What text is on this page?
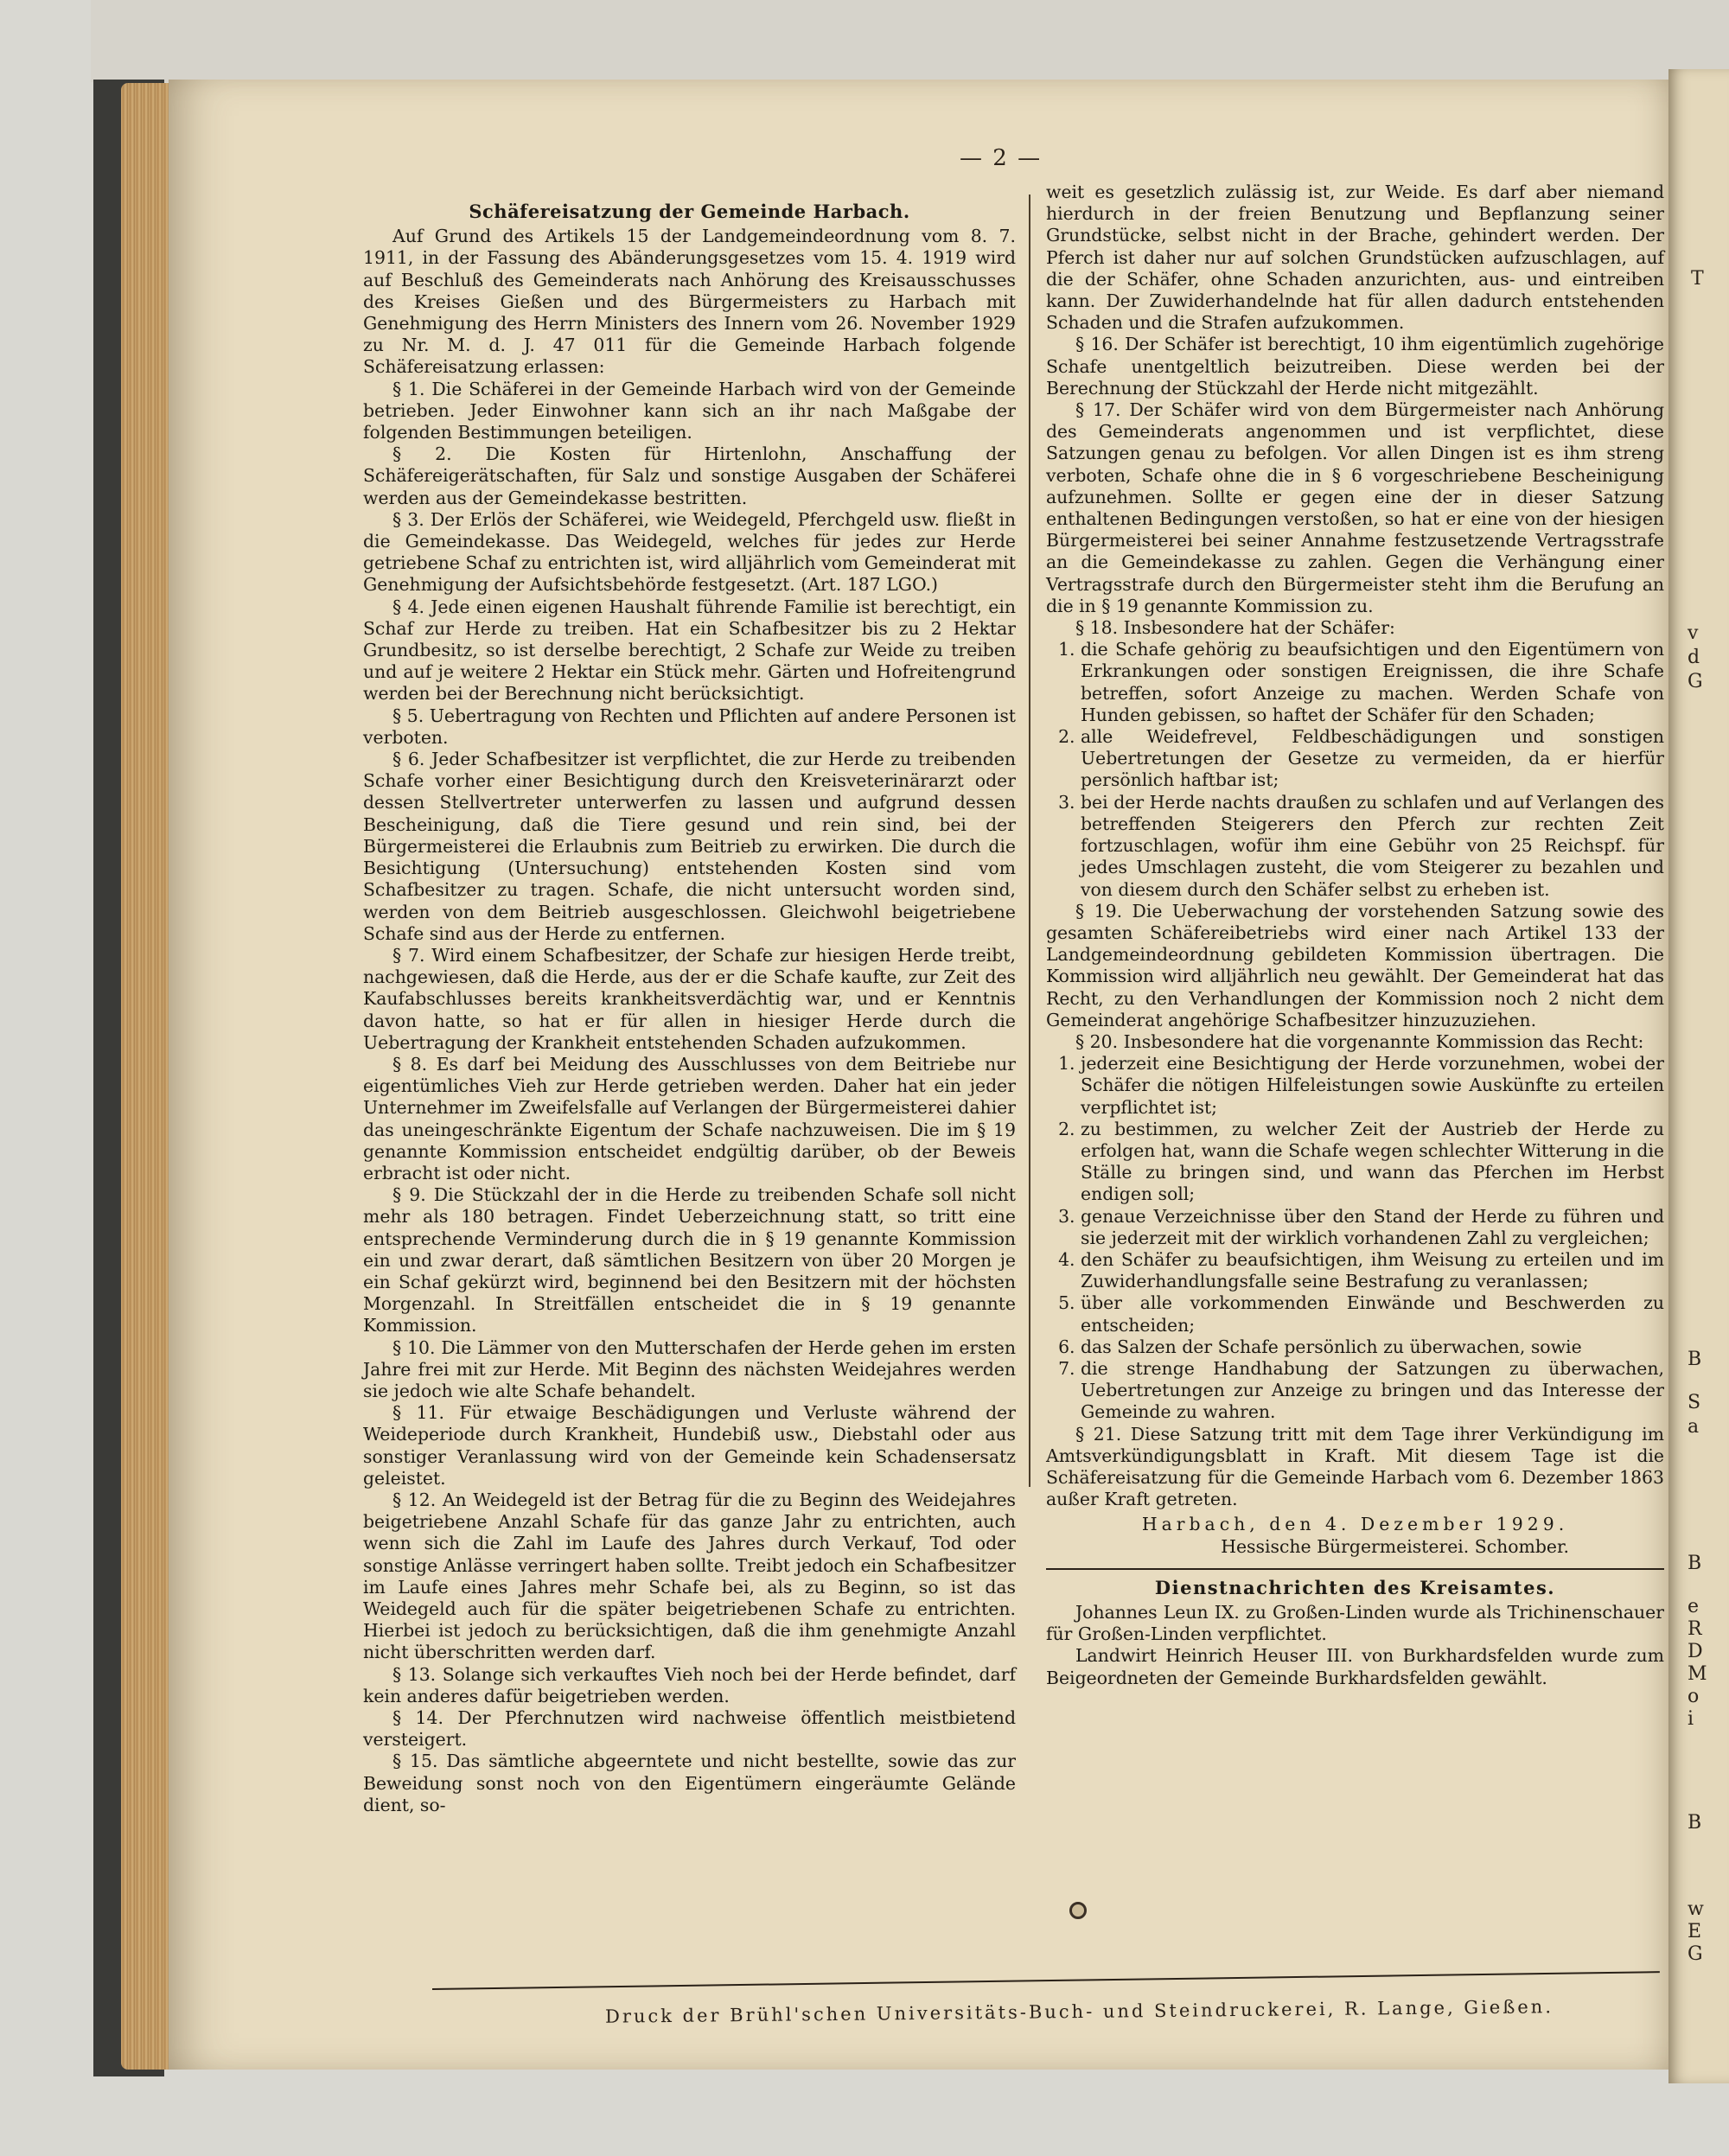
T
v
d
G
B
S
a
B
e
R
D
M
o
i
B
w
E
G
— 2 —
Schäfereisatzung der Gemeinde Harbach.

Auf Grund des Artikels 15 der Landgemeindeordnung vom 8. 7. 1911, in der Fassung des Abänderungsgesetzes vom 15. 4. 1919 wird auf Beschluß des Gemeinderats nach Anhörung des Kreisausschusses des Kreises Gießen und des Bürgermeisters zu Harbach mit Genehmigung des Herrn Ministers des Innern vom 26. November 1929 zu Nr. M. d. J. 47 011 für die Gemeinde Harbach folgende Schäfereisatzung erlassen:

§ 1. Die Schäferei in der Gemeinde Harbach wird von der Gemeinde betrieben. Jeder Einwohner kann sich an ihr nach Maßgabe der folgenden Bestimmungen beteiligen.

§ 2. Die Kosten für Hirtenlohn, Anschaffung der Schäfereigerätschaften, für Salz und sonstige Ausgaben der Schäferei werden aus der Gemeindekasse bestritten.

§ 3. Der Erlös der Schäferei, wie Weidegeld, Pferchgeld usw. fließt in die Gemeindekasse. Das Weidegeld, welches für jedes zur Herde getriebene Schaf zu entrichten ist, wird alljährlich vom Gemeinderat mit Genehmigung der Aufsichtsbehörde festgesetzt. (Art. 187 LGO.)

§ 4. Jede einen eigenen Haushalt führende Familie ist berechtigt, ein Schaf zur Herde zu treiben. Hat ein Schafbesitzer bis zu 2 Hektar Grundbesitz, so ist derselbe berechtigt, 2 Schafe zur Weide zu treiben und auf je weitere 2 Hektar ein Stück mehr. Gärten und Hofreitengrund werden bei der Berechnung nicht berücksichtigt.

§ 5. Uebertragung von Rechten und Pflichten auf andere Personen ist verboten.

§ 6. Jeder Schafbesitzer ist verpflichtet, die zur Herde zu treibenden Schafe vorher einer Besichtigung durch den Kreisveterinärarzt oder dessen Stellvertreter unterwerfen zu lassen und aufgrund dessen Bescheinigung, daß die Tiere gesund und rein sind, bei der Bürgermeisterei die Erlaubnis zum Beitrieb zu erwirken. Die durch die Besichtigung (Untersuchung) entstehenden Kosten sind vom Schafbesitzer zu tragen. Schafe, die nicht untersucht worden sind, werden von dem Beitrieb ausgeschlossen. Gleichwohl beigetriebene Schafe sind aus der Herde zu entfernen.

§ 7. Wird einem Schafbesitzer, der Schafe zur hiesigen Herde treibt, nachgewiesen, daß die Herde, aus der er die Schafe kaufte, zur Zeit des Kaufabschlusses bereits krankheitsverdächtig war, und er Kenntnis davon hatte, so hat er für allen in hiesiger Herde durch die Uebertragung der Krankheit entstehenden Schaden aufzukommen.

§ 8. Es darf bei Meidung des Ausschlusses von dem Beitriebe nur eigentümliches Vieh zur Herde getrieben werden. Daher hat ein jeder Unternehmer im Zweifelsfalle auf Verlangen der Bürgermeisterei dahier das uneingeschränkte Eigentum der Schafe nachzuweisen. Die im § 19 genannte Kommission entscheidet endgültig darüber, ob der Beweis erbracht ist oder nicht.

§ 9. Die Stückzahl der in die Herde zu treibenden Schafe soll nicht mehr als 180 betragen. Findet Ueberzeichnung statt, so tritt eine entsprechende Verminderung durch die in § 19 genannte Kommission ein und zwar derart, daß sämtlichen Besitzern von über 20 Morgen je ein Schaf gekürzt wird, beginnend bei den Besitzern mit der höchsten Morgenzahl. In Streitfällen entscheidet die in § 19 genannte Kommission.

§ 10. Die Lämmer von den Mutterschafen der Herde gehen im ersten Jahre frei mit zur Herde. Mit Beginn des nächsten Weidejahres werden sie jedoch wie alte Schafe behandelt.

§ 11. Für etwaige Beschädigungen und Verluste während der Weideperiode durch Krankheit, Hundebiß usw., Diebstahl oder aus sonstiger Veranlassung wird von der Gemeinde kein Schadensersatz geleistet.

§ 12. An Weidegeld ist der Betrag für die zu Beginn des Weidejahres beigetriebene Anzahl Schafe für das ganze Jahr zu entrichten, auch wenn sich die Zahl im Laufe des Jahres durch Verkauf, Tod oder sonstige Anlässe verringert haben sollte. Treibt jedoch ein Schafbesitzer im Laufe eines Jahres mehr Schafe bei, als zu Beginn, so ist das Weidegeld auch für die später beigetriebenen Schafe zu entrichten. Hierbei ist jedoch zu berücksichtigen, daß die ihm genehmigte Anzahl nicht überschritten werden darf.

§ 13. Solange sich verkauftes Vieh noch bei der Herde befindet, darf kein anderes dafür beigetrieben werden.

§ 14. Der Pferchnutzen wird nachweise öffentlich meistbietend versteigert.

§ 15. Das sämtliche abgeerntete und nicht bestellte, sowie das zur Beweidung sonst noch von den Eigentümern eingeräumte Gelände dient, so-

weit es gesetzlich zulässig ist, zur Weide. Es darf aber niemand hierdurch in der freien Benutzung und Bepflanzung seiner Grundstücke, selbst nicht in der Brache, gehindert werden. Der Pferch ist daher nur auf solchen Grundstücken aufzuschlagen, auf die der Schäfer, ohne Schaden anzurichten, aus- und eintreiben kann. Der Zuwiderhandelnde hat für allen dadurch entstehenden Schaden und die Strafen aufzukommen.

§ 16. Der Schäfer ist berechtigt, 10 ihm eigentümlich zugehörige Schafe unentgeltlich beizutreiben. Diese werden bei der Berechnung der Stückzahl der Herde nicht mitgezählt.

§ 17. Der Schäfer wird von dem Bürgermeister nach Anhörung des Gemeinderats angenommen und ist verpflichtet, diese Satzungen genau zu befolgen. Vor allen Dingen ist es ihm streng verboten, Schafe ohne die in § 6 vorgeschriebene Bescheinigung aufzunehmen. Sollte er gegen eine der in dieser Satzung enthaltenen Bedingungen verstoßen, so hat er eine von der hiesigen Bürgermeisterei bei seiner Annahme festzusetzende Vertragsstrafe an die Gemeindekasse zu zahlen. Gegen die Verhängung einer Vertragsstrafe durch den Bürgermeister steht ihm die Berufung an die in § 19 genannte Kommission zu.

§ 18. Insbesondere hat der Schäfer:

1. die Schafe gehörig zu beaufsichtigen und den Eigentümern von Erkrankungen oder sonstigen Ereignissen, die ihre Schafe betreffen, sofort Anzeige zu machen. Werden Schafe von Hunden gebissen, so haftet der Schäfer für den Schaden;
2. alle Weidefrevel, Feldbeschädigungen und sonstigen Uebertretungen der Gesetze zu vermeiden, da er hierfür persönlich haftbar ist;
3. bei der Herde nachts draußen zu schlafen und auf Verlangen des betreffenden Steigerers den Pferch zur rechten Zeit fortzuschlagen, wofür ihm eine Gebühr von 25 Reichspf. für jedes Umschlagen zusteht, die vom Steigerer zu bezahlen und von diesem durch den Schäfer selbst zu erheben ist.

§ 19. Die Ueberwachung der vorstehenden Satzung sowie des gesamten Schäfereibetriebs wird einer nach Artikel 133 der Landgemeindeordnung gebildeten Kommission übertragen. Die Kommission wird alljährlich neu gewählt. Der Gemeinderat hat das Recht, zu den Verhandlungen der Kommission noch 2 nicht dem Gemeinderat angehörige Schafbesitzer hinzuzuziehen.

§ 20. Insbesondere hat die vorgenannte Kommission das Recht:

1. jederzeit eine Besichtigung der Herde vorzunehmen, wobei der Schäfer die nötigen Hilfeleistungen sowie Auskünfte zu erteilen verpflichtet ist;
2. zu bestimmen, zu welcher Zeit der Austrieb der Herde zu erfolgen hat, wann die Schafe wegen schlechter Witterung in die Ställe zu bringen sind, und wann das Pferchen im Herbst endigen soll;
3. genaue Verzeichnisse über den Stand der Herde zu führen und sie jederzeit mit der wirklich vorhandenen Zahl zu vergleichen;
4. den Schäfer zu beaufsichtigen, ihm Weisung zu erteilen und im Zuwiderhandlungsfalle seine Bestrafung zu veranlassen;
5. über alle vorkommenden Einwände und Beschwerden zu entscheiden;
6. das Salzen der Schafe persönlich zu überwachen, sowie
7. die strenge Handhabung der Satzungen zu überwachen, Uebertretungen zur Anzeige zu bringen und das Interesse der Gemeinde zu wahren.

§ 21. Diese Satzung tritt mit dem Tage ihrer Verkündigung im Amtsverkündigungsblatt in Kraft. Mit diesem Tage ist die Schäfereisatzung für die Gemeinde Harbach vom 6. Dezember 1863 außer Kraft getreten.

Harbach, den 4. Dezember 1929.
Hessische Bürgermeisterei. Schomber.
Dienstnachrichten des Kreisamtes.

Johannes Leun IX. zu Großen-Linden wurde als Trichinenschauer für Großen-Linden verpflichtet.

Landwirt Heinrich Heuser III. von Burkhardsfelden wurde zum Beigeordneten der Gemeinde Burkhardsfelden gewählt.

Druck der Brühl'schen Universitäts-Buch- und Steindruckerei, R. Lange, Gießen.
